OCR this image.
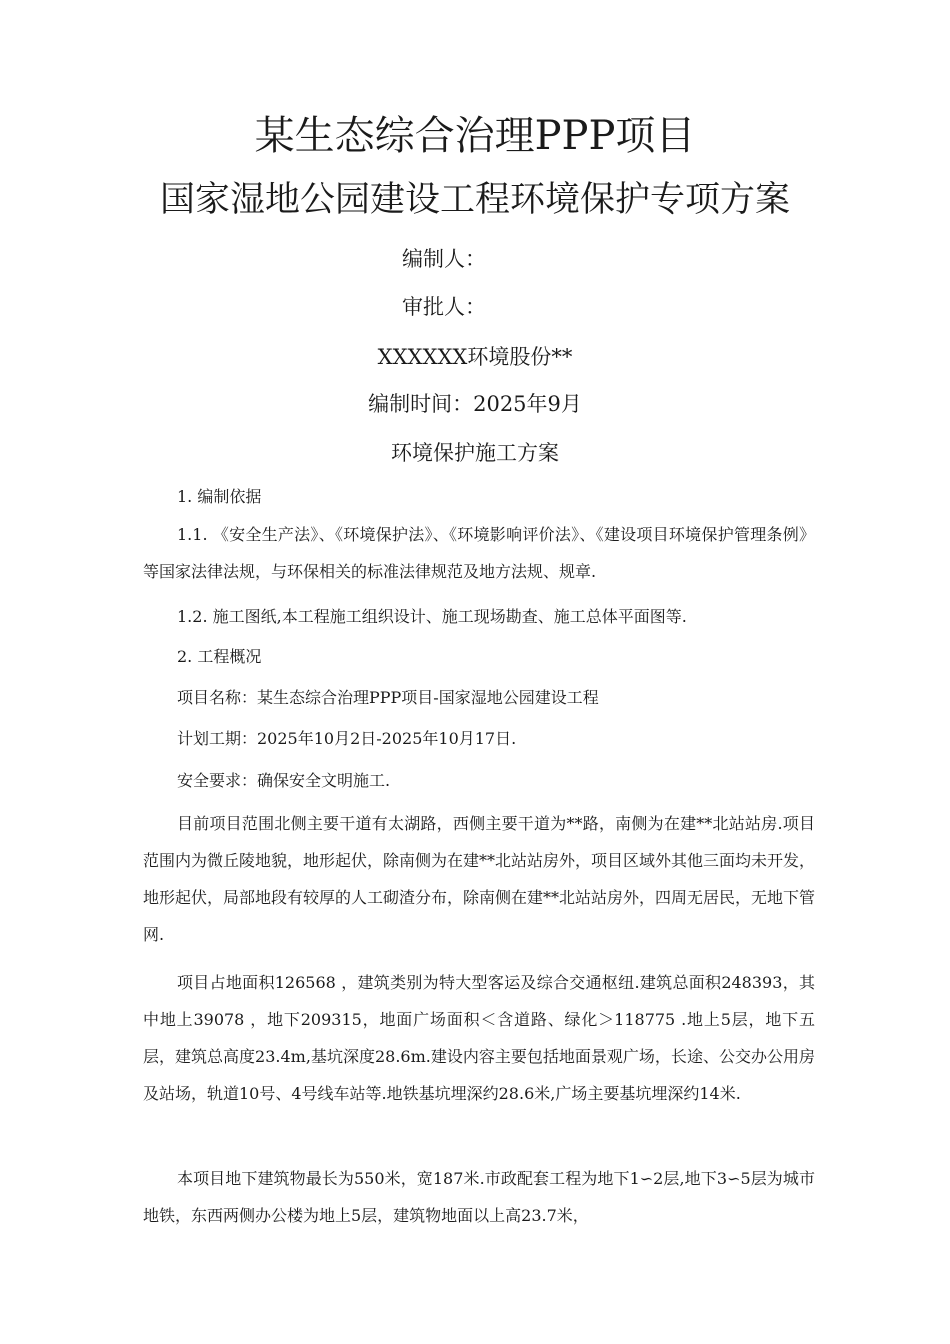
某生态综合治理PPP项目
国家湿地公园建设工程环境保护专项方案
编制人：
审批人：
XXXXXX环境股份**
编制时间：2025年9月
环境保护施工方案

1. 编制依据

1.1. 《安全生产法》、《环境保护法》、《环境影响评价法》、《建设项目环境保护管理条例》等国家法律法规，与环保相关的标准法律规范及地方法规、规章.

1.2. 施工图纸,本工程施工组织设计、施工现场勘查、施工总体平面图等.

2. 工程概况

项目名称：某生态综合治理PPP项目-国家湿地公园建设工程

计划工期：2025年10月2日-2025年10月17日.

安全要求：确保安全文明施工.

目前项目范围北侧主要干道有太湖路，西侧主要干道为**路，南侧为在建**北站站房.项目范围内为微丘陵地貌，地形起伏，除南侧为在建**北站站房外，项目区域外其他三面均未开发，地形起伏，局部地段有较厚的人工砌渣分布，除南侧在建**北站站房外，四周无居民，无地下管网.

项目占地面积126568 ，建筑类别为特大型客运及综合交通枢纽.建筑总面积248393，其中地上39078 ，地下209315，地面广场面积＜含道路、绿化＞118775 .地上5层，地下五层，建筑总高度23.4m,基坑深度28.6m.建设内容主要包括地面景观广场，长途、公交办公用房及站场，轨道10号、4号线车站等.地铁基坑埋深约28.6米,广场主要基坑埋深约14米.

本项目地下建筑物最长为550米，宽187米.市政配套工程为地下1∽2层,地下3∽5层为城市地铁，东西两侧办公楼为地上5层，建筑物地面以上高23.7米，
